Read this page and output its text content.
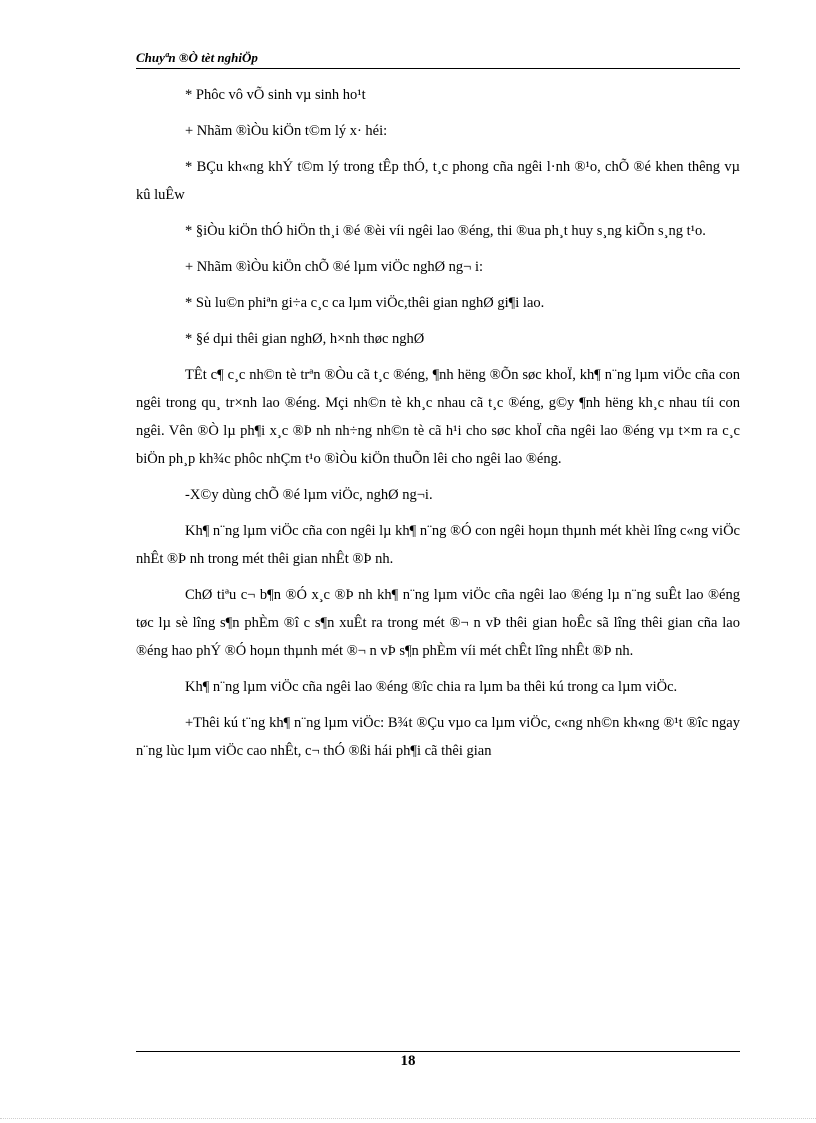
Chuyªn ®Ò tèt nghiÖp

* Phôc vô vÕ sinh vµ sinh ho¹t

+ Nhãm ®ìÒu kiÖn t©m lý x· héi:

* BÇu kh«ng khÝ t©m lý trong tÊp thÓ, t¸c phong cña ngêi l·nh ®¹o, chÕ ®é khen thêng vµ kû luÊw

* §iÒu kiÖn thÓ hiÖn th¸i ®é ®èi víi ngêi lao ®éng, thi ®ua ph¸t huy s¸ng kiÕn s¸ng t¹o.

+ Nhãm ®ìÒu kiÖn chÕ ®é lµm viÖc nghØ ng¬ i:

* Sù lu©n phiªn gi÷a c¸c ca lµm viÖc,thêi gian nghØ gi¶i lao.

* §é dµi thêi gian nghØ, h×nh thøc nghØ

TÊt c¶ c¸c nh©n tè trªn ®Òu cã t¸c ®éng, ¶nh hëng ®Õn søc khoÏ, kh¶ n¨ng lµm viÖc cña con ngêi trong qu¸ tr×nh lao ®éng. Mçi nh©n tè kh¸c nhau cã t¸c ®éng, g©y ¶nh hëng kh¸c nhau tíi con ngêi. Vên ®Ò lµ ph¶i x¸c ®Þ nh nh÷ng nh©n tè cã h¹i cho søc khoÏ cña ngêi lao ®éng vµ t×m ra c¸c biÖn ph¸p kh¾c phôc nhÇm t¹o ®ìÒu kiÖn thuÕn lêi cho ngêi lao ®éng.

-X©y dùng chÕ ®é lµm viÖc, nghØ ng¬i.

Kh¶ n¨ng lµm viÖc cña con ngêi lµ kh¶ n¨ng ®Ó con ngêi hoµn thµnh mét khèi lîng c«ng viÖc nhÊt ®Þ nh trong mét thêi gian nhÊt ®Þ nh.

ChØ tiªu c¬ b¶n ®Ó x¸c ®Þ nh kh¶ n¨ng lµm viÖc cña ngêi lao ®éng lµ n¨ng suÊt lao ®éng tøc lµ sè lîng s¶n phÈm ®î c s¶n xuÊt ra trong mét ®¬ n vÞ thêi gian hoÊc sã lîng thêi gian cña lao ®éng hao phÝ ®Ó hoµn thµnh mét ®¬ n vÞ s¶n phÈm víi mét chÊt lîng nhÊt ®Þ nh.

Kh¶ n¨ng lµm viÖc cña ngêi lao ®éng ®îc chia ra lµm ba thêi kú trong ca lµm viÖc.

+Thêi kú t¨ng kh¶ n¨ng lµm viÖc: B¾t ®Çu vµo ca lµm viÖc, c«ng nh©n kh«ng ®¹t ®îc ngay n¨ng lùc lµm viÖc cao nhÊt, c¬ thÓ ®ßi hái ph¶i cã thêi gian

18
